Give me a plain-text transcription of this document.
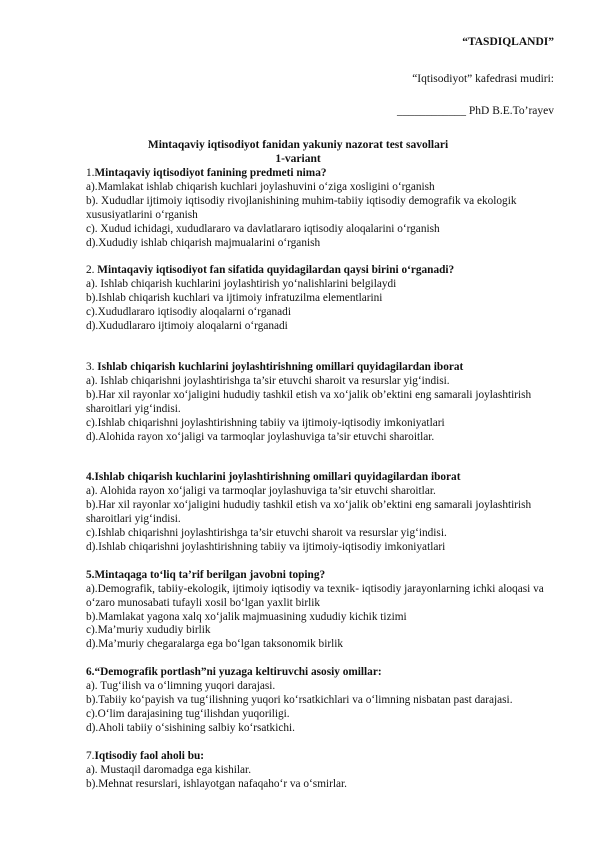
“TASDIQLANDI”
“Iqtisodiyot” kafedrasi mudiri:
____________ PhD B.E.To’rayev
Mintaqaviy iqtisodiyot fanidan yakuniy nazorat test savollari
1-variant
1.Mintaqaviy iqtisodiyot fanining predmeti nima?
a).Mamlakat ishlab chiqarish kuchlari joylashuvini o‘ziga xosligini o‘rganish
b). Xududlar ijtimoiy iqtisodiy rivojlanishining muhim-tabiiy iqtisodiy demografik va ekologik xususiyatlarini o‘rganish
c). Xudud ichidagi, xududlararo va davlatlararo iqtisodiy aloqalarini o‘rganish
d).Xududiy ishlab chiqarish majmualarini o‘rganish
2. Mintaqaviy iqtisodiyot fan sifatida quyidagilardan qaysi birini o‘rganadi?
a). Ishlab chiqarish kuchlarini joylashtirish yo‘nalishlarini belgilaydi
b).Ishlab chiqarish kuchlari va ijtimoiy infratuzilma elementlarini
c).Xududlararo iqtisodiy aloqalarni o‘rganadi
d).Xududlararo ijtimoiy aloqalarni o‘rganadi
3. Ishlab chiqarish kuchlarini joylashtirishning omillari quyidagilardan iborat
a). Ishlab chiqarishni joylashtirishga ta’sir etuvchi sharoit va resurslar yig‘indisi.
b).Har xil rayonlar xo‘jaligini hududiy tashkil etish va xo‘jalik ob’ektini eng samarali joylashtirish sharoitlari yig‘indisi.
c).Ishlab chiqarishni joylashtirishning tabiiy va ijtimoiy-iqtisodiy imkoniyatlari
d).Alohida rayon xo‘jaligi va tarmoqlar joylashuviga ta’sir etuvchi sharoitlar.
4.Ishlab chiqarish kuchlarini joylashtirishning omillari quyidagilardan iborat
a). Alohida rayon xo‘jaligi va tarmoqlar joylashuviga ta’sir etuvchi sharoitlar.
b).Har xil rayonlar xo‘jaligini hududiy tashkil etish va xo‘jalik ob’ektini eng samarali joylashtirish sharoitlari yig‘indisi.
c).Ishlab chiqarishni joylashtirishga ta’sir etuvchi sharoit va resurslar yig‘indisi.
d).Ishlab chiqarishni joylashtirishning tabiiy va ijtimoiy-iqtisodiy imkoniyatlari
5.Mintaqaga to‘liq ta’rif berilgan javobni toping?
a).Demografik, tabiiy-ekologik, ijtimoiy iqtisodiy va texnik- iqtisodiy jarayonlarning ichki aloqasi va o‘zaro munosabati tufayli xosil bo‘lgan yaxlit birlik
b).Mamlakat yagona xalq xo‘jalik majmuasining xududiy kichik tizimi
c).Ma’muriy xududiy birlik
d).Ma’muriy chegaralarga ega bo‘lgan taksonomik birlik
6.“Demografik portlash”ni yuzaga keltiruvchi asosiy omillar:
a). Tug‘ilish va o‘limning yuqori darajasi.
b).Tabiiy ko‘payish va tug‘ilishning yuqori ko‘rsatkichlari va o‘limning nisbatan past darajasi.
c).O‘lim darajasining tug‘ilishdan yuqoriligi.
d).Aholi tabiiy o‘sishining salbiy ko‘rsatkichi.
7.Iqtisodiy faol aholi bu:
a). Mustaqil daromadga ega kishilar.
b).Mehnat resurslari, ishlayotgan nafaqaho‘r va o‘smirlar.
